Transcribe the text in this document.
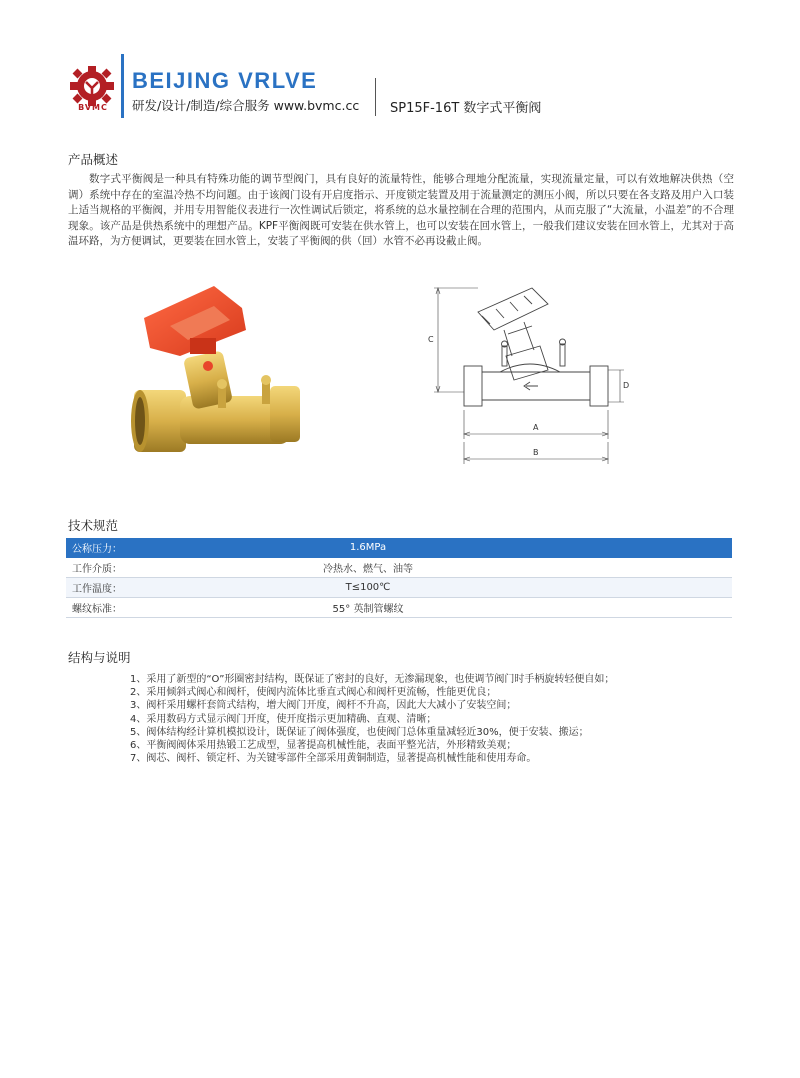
BVMC
BEIJING VRLVE
研发/设计/制造/综合服务 www.bvmc.cc SP15F-16T 数字式平衡阀
产品概述
数字式平衡阀是一种具有特殊功能的调节型阀门，具有良好的流量特性，能够合理地分配流量，实现流量定量，可以有效地解决供热（空调）系统中存在的室温冷热不均问题。由于该阀门设有开启度指示、开度锁定装置及用于流量测定的测压小阀，所以只要在各支路及用户入口装上适当规格的平衡阀，并用专用智能仪表进行一次性调试后锁定，将系统的总水量控制在合理的范围内，从而克服了“大流量，小温差”的不合理现象。该产品是供热系统中的理想产品。KPF平衡阀既可安装在供水管上，也可以安装在回水管上，一般我们建议安装在回水管上，尤其对于高温环路，为方便调试，更要装在回水管上，安装了平衡阀的供（回）水管不必再设截止阀。
C
D
A
B
技术规范
公称压力：	1.6MPa
工作介质：	冷热水、燃气、油等
工作温度：	T≤100℃
螺纹标准：	55° 英制管螺纹
结构与说明
1、采用了新型的“O”形圈密封结构，既保证了密封的良好，无渗漏现象，也使调节阀门时手柄旋转轻便自如；
2、采用倾斜式阀心和阀杆，使阀内流体比垂直式阀心和阀杆更流畅，性能更优良；
3、阀杆采用螺杆套筒式结构，增大阀门开度，阀杆不升高，因此大大减小了安装空间；
4、采用数码方式显示阀门开度，使开度指示更加精确、直观、清晰；
5、阀体结构经计算机模拟设计，既保证了阀体强度，也使阀门总体重量减轻近30%，便于安装、搬运；
6、平衡阀阀体采用热锻工艺成型，显著提高机械性能，表面平整光洁，外形精致美观；
7、阀芯、阀杆、锁定杆、为关键零部件全部采用黄铜制造，显著提高机械性能和使用寿命。
